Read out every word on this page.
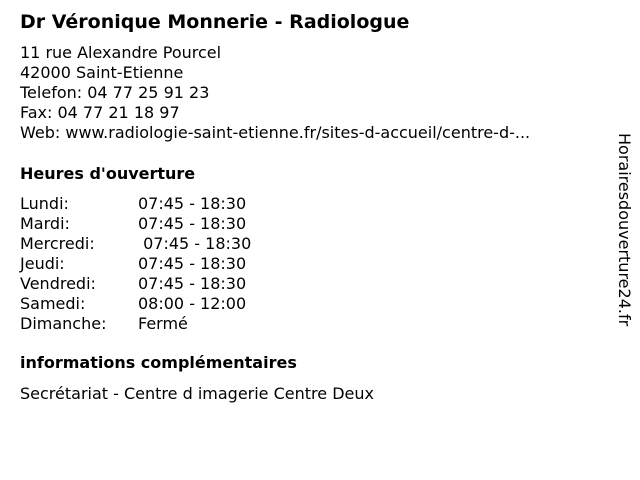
Dr Véronique Monnerie - Radiologue
11 rue Alexandre Pourcel
42000 Saint-Etienne
Telefon: 04 77 25 91 23
Fax: 04 77 21 18 97
Web: www.radiologie-saint-etienne.fr/sites-d-accueil/centre-d-...
Heures d'ouverture
Lundi:	07:45 - 18:30
Mardi:	07:45 - 18:30
Mercredi:	07:45 - 18:30
Jeudi:	07:45 - 18:30
Vendredi:	07:45 - 18:30
Samedi:	08:00 - 12:00
Dimanche:	Fermé
informations complémentaires
Secrétariat - Centre d imagerie Centre Deux
Horairesdouverture24.fr
